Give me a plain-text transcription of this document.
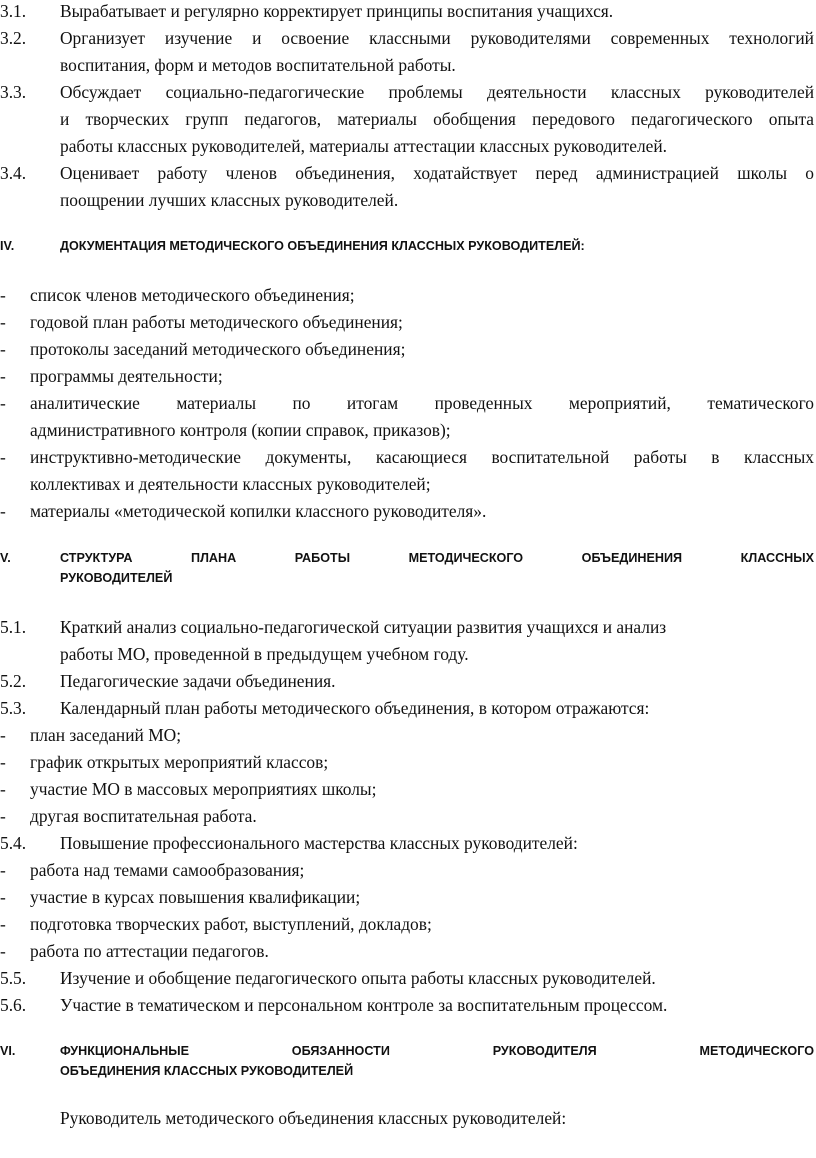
3.1. Вырабатывает и регулярно корректирует принципы воспитания учащихся.
3.2. Организует изучение и освоение классными руководителями современных технологий
воспитания, форм и методов воспитательной работы.
3.3. Обсуждает социально-педагогические проблемы деятельности классных руководителей
и творческих групп педагогов, материалы обобщения передового педагогического опыта
работы классных руководителей, материалы аттестации классных руководителей.
3.4. Оценивает работу членов объединения, ходатайствует перед администрацией школы о
поощрении лучших классных руководителей.
IV.	ДОКУМЕНТАЦИЯ МЕТОДИЧЕСКОГО ОБЪЕДИНЕНИЯ КЛАССНЫХ РУКОВОДИТЕЛЕЙ:
- список членов методического объединения;
- годовой план работы методического объединения;
- протоколы заседаний методического объединения;
- программы деятельности;
- аналитические материалы по итогам проведенных мероприятий, тематического
административного контроля (копии справок, приказов);
- инструктивно-методические документы, касающиеся воспитательной работы в классных
коллективах и деятельности классных руководителей;
- материалы «методической копилки классного руководителя».
V.	СТРУКТУРА ПЛАНА РАБОТЫ МЕТОДИЧЕСКОГО ОБЪЕДИНЕНИЯ КЛАССНЫХ
РУКОВОДИТЕЛЕЙ
5.1. Краткий анализ социально-педагогической ситуации развития учащихся и анализ
работы МО, проведенной в предыдущем учебном году.
5.2. Педагогические задачи объединения.
5.3. Календарный план работы методического объединения, в котором отражаются:
- план заседаний МО;
- график открытых мероприятий классов;
- участие МО в массовых мероприятиях школы;
- другая воспитательная работа.
5.4. Повышение профессионального мастерства классных руководителей:
- работа над темами самообразования;
- участие в курсах повышения квалификации;
- подготовка творческих работ, выступлений, докладов;
- работа по аттестации педагогов.
5.5. Изучение и обобщение педагогического опыта работы классных руководителей.
5.6. Участие в тематическом и персональном контроле за воспитательным процессом.
VI.	ФУНКЦИОНАЛЬНЫЕ ОБЯЗАННОСТИ РУКОВОДИТЕЛЯ МЕТОДИЧЕСКОГО
ОБЪЕДИНЕНИЯ КЛАССНЫХ РУКОВОДИТЕЛЕЙ
Руководитель методического объединения классных руководителей:
